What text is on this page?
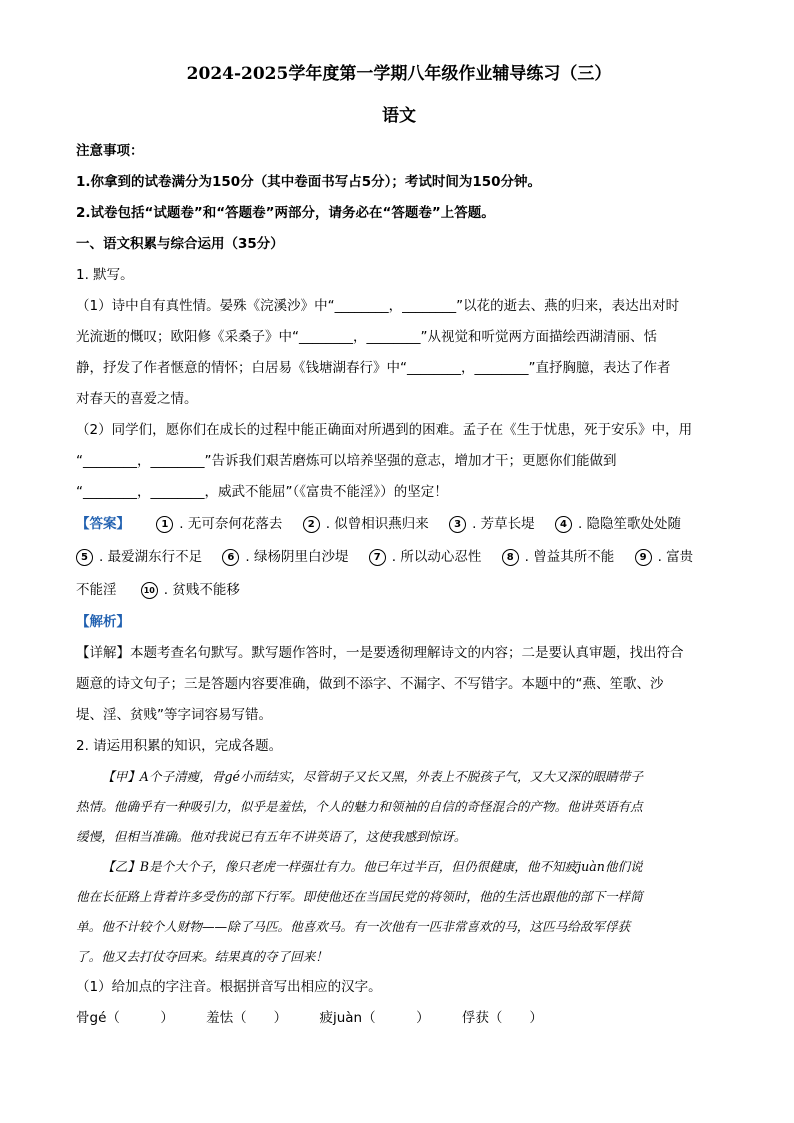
2024-2025学年度第一学期八年级作业辅导练习（三）

语文

注意事项：

1.你拿到的试卷满分为150分（其中卷面书写占5分）；考试时间为150分钟。

2.试卷包括“试题卷”和“答题卷”两部分，请务必在“答题卷”上答题。

一、语文积累与综合运用（35分）

1. 默写。

（1）诗中自有真性情。晏殊《浣溪沙》中“________，________”以花的逝去、燕的归来，表达出对时

光流逝的慨叹；欧阳修《采桑子》中“________，________”从视觉和听觉两方面描绘西湖清丽、恬

静，抒发了作者惬意的情怀；白居易《钱塘湖春行》中“________，________”直抒胸臆，表达了作者

对春天的喜爱之情。

（2）同学们，愿你们在成长的过程中能正确面对所遇到的困难。孟子在《生于忧患，死于安乐》中，用

“________，________”告诉我们艰苦磨炼可以培养坚强的意志，增加才干；更愿你们能做到

“________，________，威武不能屈”（《富贵不能淫》）的坚定！

【答案】	1 . 无可奈何花落去	2 . 似曾相识燕归来	3 . 芳草长堤	4 . 隐隐笙歌处处随
5 . 最爱湖东行不足	6 . 绿杨阴里白沙堤	7 . 所以动心忍性	8 . 曾益其所不能	9 . 富贵
不能淫	10 . 贫贱不能移

【解析】

【详解】本题考查名句默写。默写题作答时，一是要透彻理解诗文的内容；二是要认真审题，找出符合

题意的诗文句子；三是答题内容要准确，做到不添字、不漏字、不写错字。本题中的“燕、笙歌、沙

堤、淫、贫贱”等字词容易写错。

2. 请运用积累的知识，完成各题。

【甲】A个子清瘦，骨gé小而结实，尽管胡子又长又黑，外表上不脱孩子气，又大又深的眼睛带子

热情。他确乎有一种吸引力，似乎是羞怯，个人的魅力和领袖的自信的奇怪混合的产物。他讲英语有点

缓慢，但相当准确。他对我说已有五年不讲英语了，这使我感到惊讶。

【乙】B是个大个子，像只老虎一样强壮有力。他已年过半百，但仍很健康，他不知疲juàn他们说

他在长征路上背着许多受伤的部下行军。即使他还在当国民党的将领时，他的生活也跟他的部下一样简

单。他不计较个人财物——除了马匹。他喜欢马。有一次他有一匹非常喜欢的马，这匹马给敌军俘获

了。他又去打仗夺回来。结果真的夺了回来！

（1）给加点的字注音。根据拼音写出相应的汉字。

骨gé（　　　） 羞怯（　　） 疲juàn（　　　） 俘获（　　）
